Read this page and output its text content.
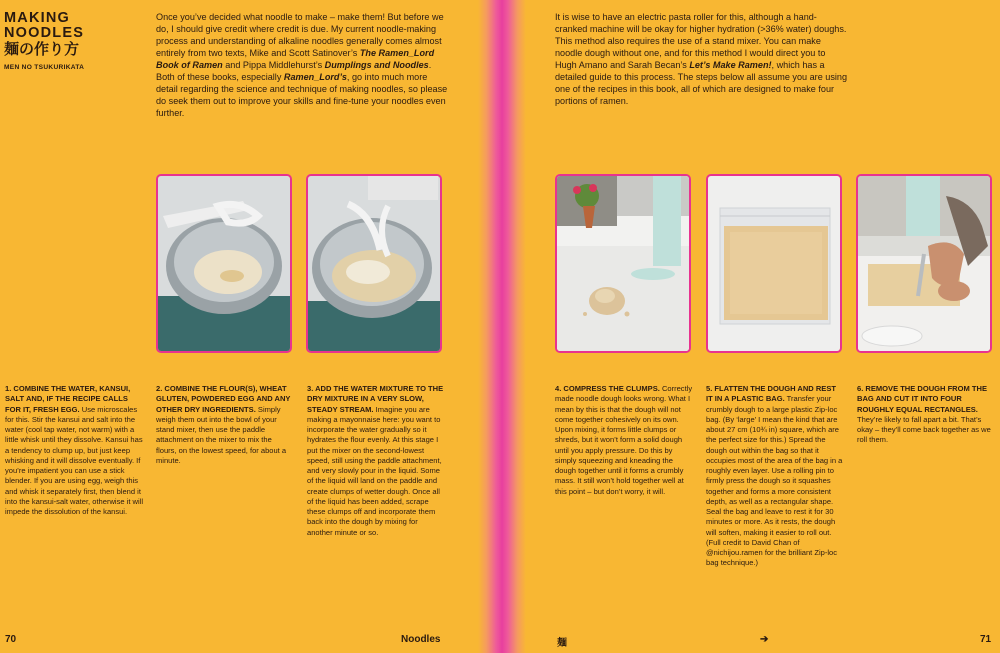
MAKING NOODLES
麺の作り方
MEN NO TSUKURIKATA
Once you’ve decided what noodle to make – make them! But before we do, I should give credit where credit is due. My current noodle-making process and understanding of alkaline noodles generally comes almost entirely from two texts, Mike and Scott Satinover’s The Ramen_Lord Book of Ramen and Pippa Middlehurst’s Dumplings and Noodles. Both of these books, especially Ramen_Lord’s, go into much more detail regarding the science and technique of making noodles, so please do seek them out to improve your skills and fine-tune your noodles even further.
1. COMBINE THE WATER, KANSUI, SALT AND, IF THE RECIPE CALLS FOR IT, FRESH EGG. Use microscales for this. Stir the kansui and salt into the water (cool tap water, not warm) with a little whisk until they dissolve. Kansui has a tendency to clump up, but just keep whisking and it will dissolve eventually. If you’re impatient you can use a stick blender. If you are using egg, weigh this and whisk it separately first, then blend it into the kansui-salt water, otherwise it will impede the dissolution of the kansui.
2. COMBINE THE FLOUR(S), WHEAT GLUTEN, POWDERED EGG AND ANY OTHER DRY INGREDIENTS. Simply weigh them out into the bowl of your stand mixer, then use the paddle attachment on the mixer to mix the flours, on the lowest speed, for about a minute.
3. ADD THE WATER MIXTURE TO THE DRY MIXTURE IN A VERY SLOW, STEADY STREAM. Imagine you are making a mayonnaise here: you want to incorporate the water gradually so it hydrates the flour evenly. At this stage I put the mixer on the second-lowest speed, still using the paddle attachment, and very slowly pour in the liquid. Some of the liquid will land on the paddle and create clumps of wetter dough. Once all of the liquid has been added, scrape these clumps off and incorporate them back into the dough by mixing for another minute or so.
70	Noodles
It is wise to have an electric pasta roller for this, although a hand-cranked machine will be okay for higher hydration (>36% water) doughs. This method also requires the use of a stand mixer. You can make noodle dough without one, and for this method I would direct you to Hugh Amano and Sarah Becan’s Let’s Make Ramen!, which has a detailed guide to this process. The steps below all assume you are using one of the recipes in this book, all of which are designed to make four portions of ramen.
4. COMPRESS THE CLUMPS. Correctly made noodle dough looks wrong. What I mean by this is that the dough will not come together cohesively on its own. Upon mixing, it forms little clumps or shreds, but it won’t form a solid dough until you apply pressure. Do this by simply squeezing and kneading the dough together until it forms a crumbly mass. It still won’t hold together well at this point – but don’t worry, it will.
5. FLATTEN THE DOUGH AND REST IT IN A PLASTIC BAG. Transfer your crumbly dough to a large plastic Zip-loc bag. (By ‘large’ I mean the kind that are about 27 cm (10¾ in) square, which are the perfect size for this.) Spread the dough out within the bag so that it occupies most of the area of the bag in a roughly even layer. Use a rolling pin to firmly press the dough so it squashes together and forms a more consistent depth, as well as a rectangular shape. Seal the bag and leave to rest it for 30 minutes or more. As it rests, the dough will soften, making it easier to roll out. (Full credit to David Chan of @nichijou.ramen for the brilliant Zip-loc bag technique.)
6. REMOVE THE DOUGH FROM THE BAG AND CUT IT INTO FOUR ROUGHLY EQUAL RECTANGLES. They’re likely to fall apart a bit. That’s okay – they’ll come back together as we roll them.
麺	➔	71
